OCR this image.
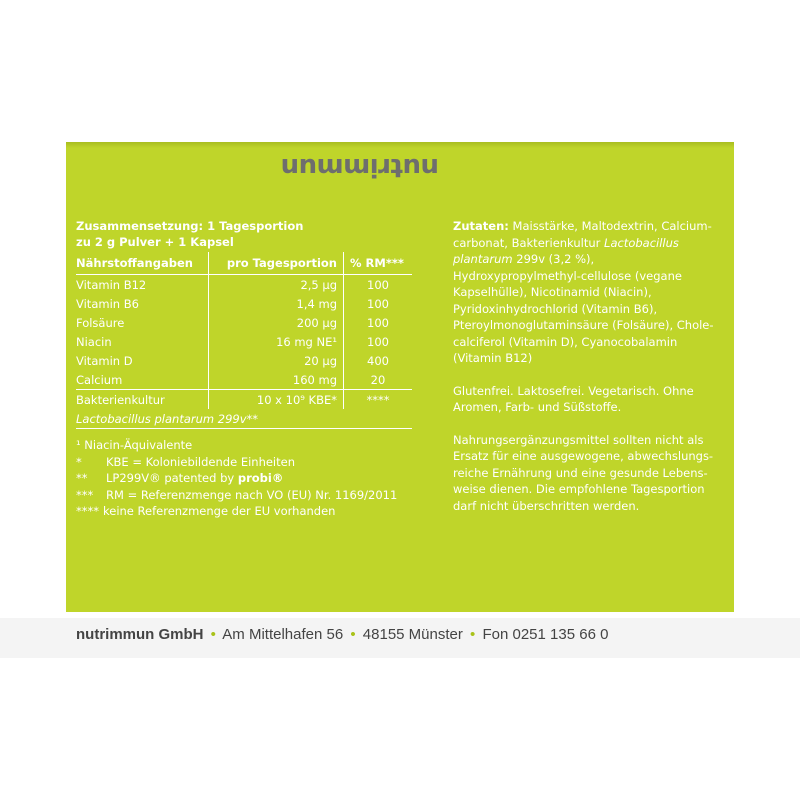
nutrimmun
Zusammensetzung: 1 Tagesportion
zu 2 g Pulver + 1 Kapsel
Nährstoffangaben	pro Tagesportion	% RM***
Vitamin B12	2,5 µg	100
Vitamin B6	1,4 mg	100
Folsäure	200 µg	100
Niacin	16 mg NE¹	100
Vitamin D	20 µg	400
Calcium	160 mg	20
Bakterienkultur	10 x 10⁹ KBE*	****
Lactobacillus plantarum 299v**		
¹ Niacin-Äquivalente
*	KBE = Koloniebildende Einheiten
**	LP299V® patented by probi®
***	RM = Referenzmenge nach VO (EU) Nr. 1169/2011
**** keine Referenzmenge der EU vorhanden

Zutaten: Maisstärke, Maltodextrin, Calcium-carbonat, Bakterienkultur Lactobacillus plantarum 299v (3,2 %), Hydroxypropylmethyl-cellulose (vegane Kapselhülle), Nicotinamid (Niacin), Pyridoxinhydrochlorid (Vitamin B6), Pteroylmonoglutaminsäure (Folsäure), Chole-calciferol (Vitamin D), Cyanocobalamin (Vitamin B12)

Glutenfrei. Laktosefrei. Vegetarisch. Ohne Aromen, Farb- und Süßstoffe.

Nahrungsergänzungsmittel sollten nicht als Ersatz für eine ausgewogene, abwechslungs-reiche Ernährung und eine gesunde Lebens-weise dienen. Die empfohlene Tagesportion darf nicht überschritten werden.

nutrimmun GmbH • Am Mittelhafen 56 • 48155 Münster • Fon 0251 135 66 0
